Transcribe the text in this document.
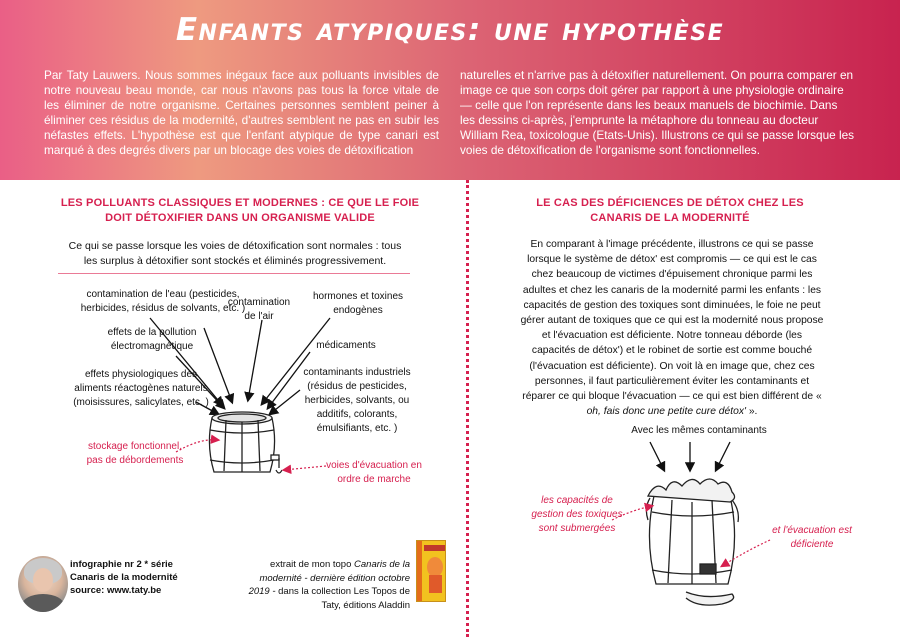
Enfants atypiques: une hypothèse

Par Taty Lauwers. Nous sommes inégaux face aux polluants invisibles de notre nouveau beau monde, car nous n'avons pas tous la force vitale de les éliminer de notre organisme. Certaines personnes semblent peiner à éliminer ces résidus de la modernité, d'autres semblent ne pas en subir les néfastes effets. L'hypothèse est que l'enfant atypique de type canari est marqué à des degrés divers par un blocage des voies de détoxification

naturelles et n'arrive pas à détoxifier naturellement. On pourra comparer en image ce que son corps doit gérer par rapport à une physiologie ordinaire — celle que l'on représente dans les beaux manuels de biochimie. Dans les dessins ci-après, j'emprunte la métaphore du tonneau au docteur William Rea, toxicologue (Etats-Unis). Illustrons ce qui se passe lorsque les voies de détoxification de l'organisme sont fonctionnelles.

LES POLLUANTS CLASSIQUES ET MODERNES : CE QUE LE FOIE DOIT DÉTOXIFIER DANS UN ORGANISME VALIDE

Ce qui se passe lorsque les voies de détoxification sont normales : tous les surplus à détoxifier sont stockés et éliminés progressivement.

contamination de l'eau (pesticides, herbicides, résidus de solvants, etc. )
contamination de l'air
hormones et toxines endogènes
effets de la pollution électromagnétique	médicaments
effets physiologiques des aliments réactogènes naturels (moisissures, salicylates, etc. )
contaminants industriels (résidus de pesticides, herbicides, solvants, ou additifs, colorants, émulsifiants, etc. )
stockage fonctionnel, pas de débordements	voies d'évacuation en ordre de marche
LE CAS DES DÉFICIENCES DE DÉTOX CHEZ LES CANARIS DE LA MODERNITÉ

En comparant à l'image précédente, illustrons ce qui se passe lorsque le système de détox' est compromis — ce qui est le cas chez beaucoup de victimes d'épuisement chronique parmi les adultes et chez les canaris de la modernité parmi les enfants : les capacités de gestion des toxiques sont diminuées, le foie ne peut gérer autant de toxiques que ce qui est la modernité nous propose et l'évacuation est déficiente. Notre tonneau déborde (les capacités de détox') et le robinet de sortie est comme bouché (l'évacuation est déficiente). On voit là en image que, chez ces personnes, il faut particulièrement éviter les contaminants et réparer ce qui bloque l'évacuation — ce qui est bien différent de « oh, fais donc une petite cure détox' ».

Avec les mêmes contaminants
les capacités de gestion des toxiques sont submergées	et l'évacuation est déficiente
infographie nr 2 * série
Canaris de la modernité
source: www.taty.be
extrait de mon topo Canaris de la modernité - dernière édition octobre 2019 - dans la collection Les Topos de Taty, éditions Aladdin
